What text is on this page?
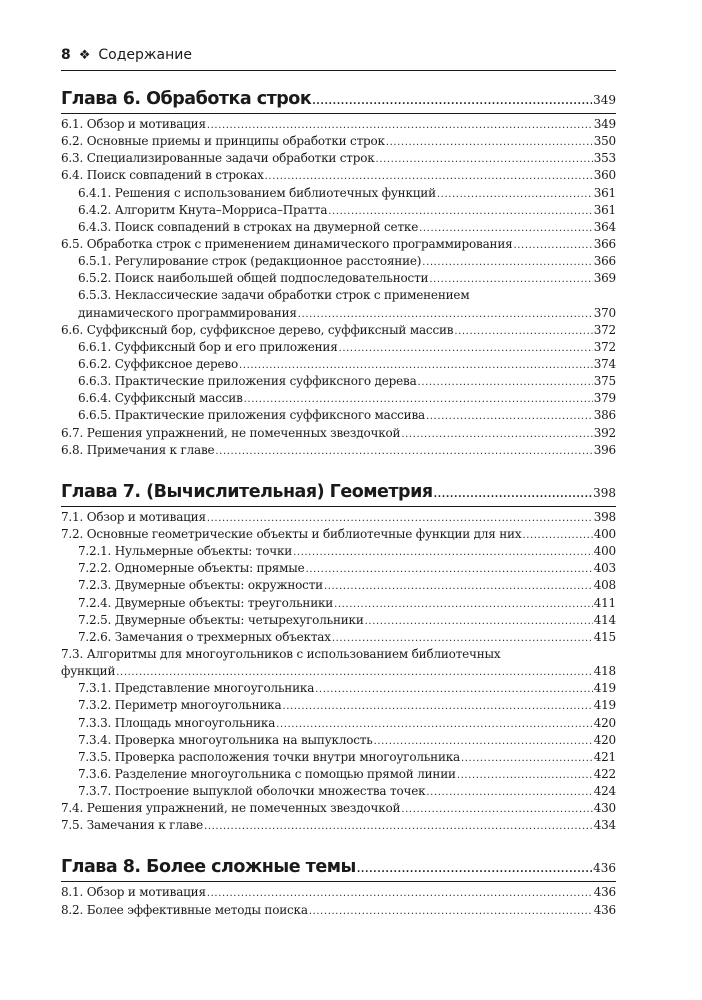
8 ❖ Содержание
Глава 6. Обработка строк .....	349
6.1. Обзор и мотивация .....	349
6.2. Основные приемы и принципы обработки строк .....	350
6.3. Специализированные задачи обработки строк .....	353
6.4. Поиск совпадений в строках .....	360
6.4.1. Решения с использованием библиотечных функций .....	361
6.4.2. Алгоритм Кнута–Морриса–Пратта .....	361
6.4.3. Поиск совпадений в строках на двумерной сетке .....	364
6.5. Обработка строк с применением динамического программирования .....	366
6.5.1. Регулирование строк (редакционное расстояние) .....	366
6.5.2. Поиск наибольшей общей подпоследовательности .....	369
6.5.3. Неклассические задачи обработки строк с применением
динамического программирования .....	370
6.6. Суффиксный бор, суффиксное дерево, суффиксный массив .....	372
6.6.1. Суффиксный бор и его приложения .....	372
6.6.2. Суффиксное дерево .....	374
6.6.3. Практические приложения суффиксного дерева .....	375
6.6.4. Суффиксный массив .....	379
6.6.5. Практические приложения суффиксного массива .....	386
6.7. Решения упражнений, не помеченных звездочкой .....	392
6.8. Примечания к главе .....	396
Глава 7. (Вычислительная) Геометрия .....	398
7.1. Обзор и мотивация .....	398
7.2. Основные геометрические объекты и библиотечные функции для них .....	400
7.2.1. Нульмерные объекты: точки .....	400
7.2.2. Одномерные объекты: прямые .....	403
7.2.3. Двумерные объекты: окружности .....	408
7.2.4. Двумерные объекты: треугольники .....	411
7.2.5. Двумерные объекты: четырехугольники .....	414
7.2.6. Замечания о трехмерных объектах .....	415
7.3. Алгоритмы для многоугольников с использованием библиотечных
функций .....	418
7.3.1. Представление многоугольника .....	419
7.3.2. Периметр многоугольника .....	419
7.3.3. Площадь многоугольника .....	420
7.3.4. Проверка многоугольника на выпуклость .....	420
7.3.5. Проверка расположения точки внутри многоугольника .....	421
7.3.6. Разделение многоугольника с помощью прямой линии .....	422
7.3.7. Построение выпуклой оболочки множества точек .....	424
7.4. Решения упражнений, не помеченных звездочкой .....	430
7.5. Замечания к главе .....	434
Глава 8. Более сложные темы .....	436
8.1. Обзор и мотивация .....	436
8.2. Более эффективные методы поиска .....	436
